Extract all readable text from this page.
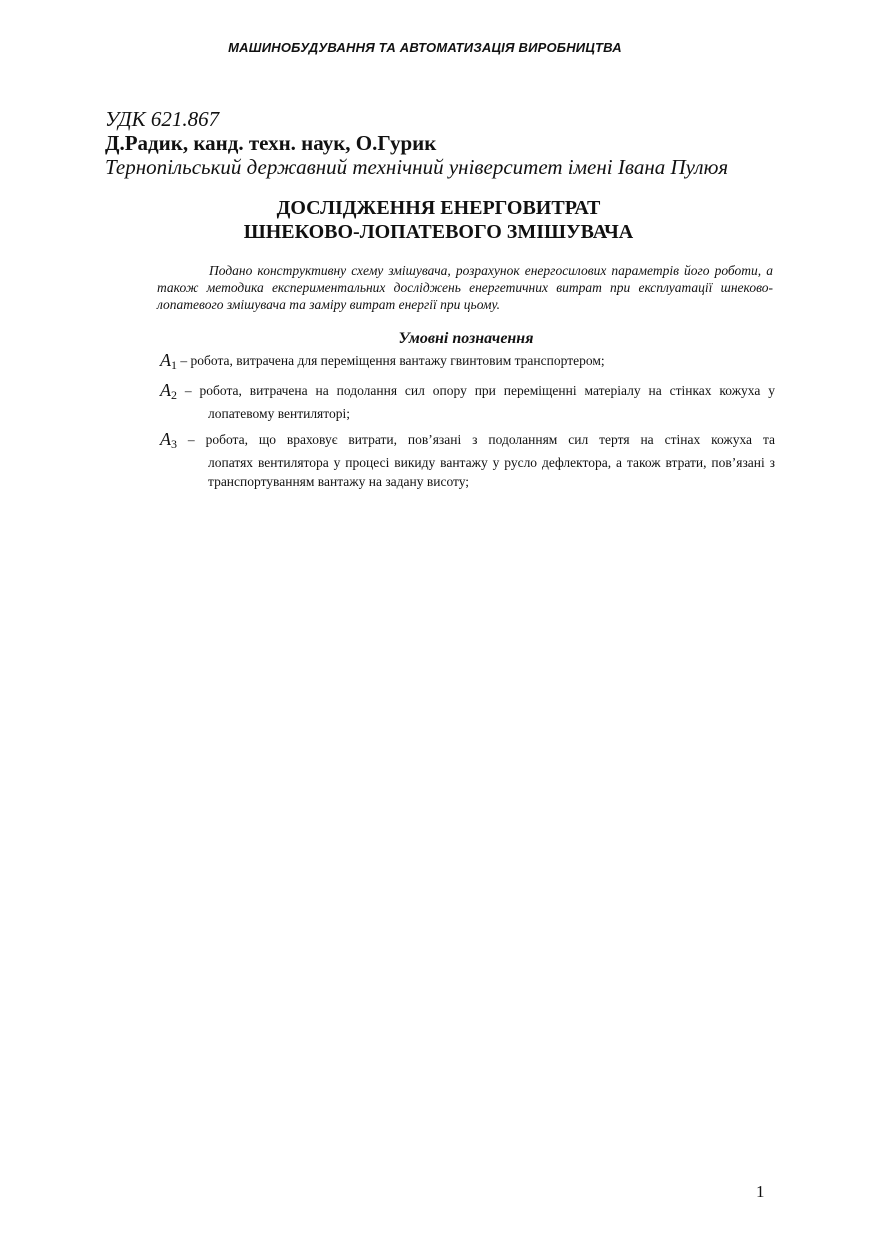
МАШИНОБУДУВАННЯ ТА АВТОМАТИЗАЦІЯ ВИРОБНИЦТВА
УДК 621.867
Д.Радик, канд. техн. наук, О.Гурик
Тернопільський державний технічний університет імені Івана Пулюя
ДОСЛІДЖЕННЯ ЕНЕРГОВИТРАТ
ШНЕКОВО-ЛОПАТЕВОГО ЗМІШУВАЧА
Подано конструктивну схему змішувача, розрахунок енергосилових параметрів його роботи, а також методика експериментальних досліджень енергетичних витрат при експлуатації шнеково-лопатевого змішувача та заміру витрат енергії при цьому.
Умовні позначення
$A_1$ – робота, витрачена для переміщення вантажу гвинтовим транспортером;
$A_2$ – робота, витрачена на подолання сил опору при переміщенні матеріалу на стінках кожуха у
лопатевому вентиляторі;
$A_3$ – робота, що враховує витрати, пов’язані з подоланням сил тертя на стінах кожуха та
лопатях вентилятора у процесі викиду вантажу у русло дефлектора, а також втрати, пов’язані з транспортуванням вантажу на задану висоту;
1
